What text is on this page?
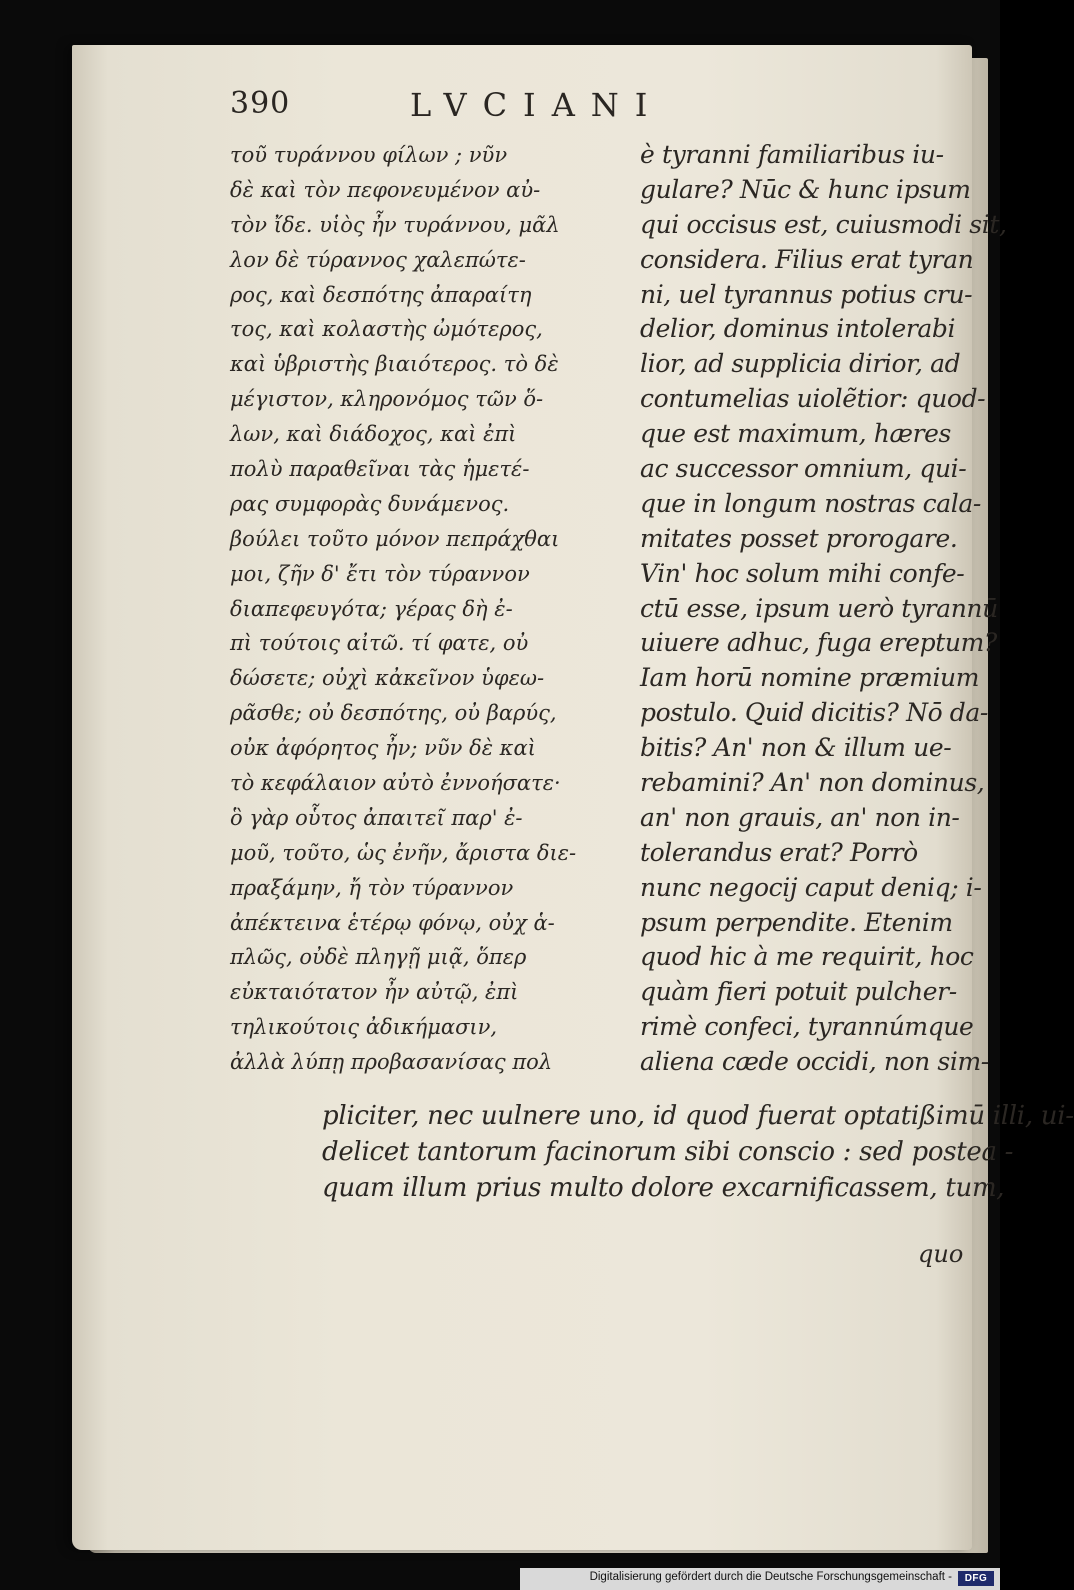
390	LVCIANI
τοῦ τυράννου φίλων ; νῦν
δὲ καὶ τὸν πεφονευμένον αὐ-
τὸν ἴδε. υἱὸς ἦν τυράννου, μᾶλ
λον δὲ τύραννος χαλεπώτε-
ρος, καὶ δεσπότης ἀπαραίτη
τος, καὶ κολαστὴς ὠμότερος,
καὶ ὑβριστὴς βιαιότερος. τὸ δὲ
μέγιστον, κληρονόμος τῶν ὅ-
λων, καὶ διάδοχος, καὶ ἐπὶ
πολὺ παραθεῖναι τὰς ἡμετέ-
ρας συμφορὰς δυνάμενος.
βούλει τοῦτο μόνον πεπράχθαι
μοι, ζῆν δ' ἔτι τὸν τύραννον
διαπεφευγότα; γέρας δὴ ἐ-
πὶ τούτοις αἰτῶ. τί φατε, οὐ
δώσετε; οὐχὶ κἀκεῖνον ὑφεω-
ρᾶσθε; οὐ δεσπότης, οὐ βαρύς,
οὐκ ἀφόρητος ἦν; νῦν δὲ καὶ
τὸ κεφάλαιον αὐτὸ ἐννοήσατε·
ὃ γὰρ οὗτος ἀπαιτεῖ παρ' ἐ-
μοῦ, τοῦτο, ὡς ἐνῆν, ἄριστα διε-
πραξάμην, ἤ τὸν τύραννον
ἀπέκτεινα ἑτέρῳ φόνῳ, οὐχ ἁ-
πλῶς, οὐδὲ πληγῇ μιᾷ, ὅπερ
εὐκταιότατον ἦν αὐτῷ, ἐπὶ
τηλικούτοις ἀδικήμασιν,
ἀλλὰ λύπῃ προβασανίσας πολ
è tyranni familiaribus iu-
gulare? Nūc & hunc ipsum
qui occisus est, cuiusmodi sit,
considera. Filius erat tyran
ni, uel tyrannus potius cru-
delior, dominus intolerabi
lior, ad supplicia dirior, ad
contumelias uiolẽtior: quod-
que est maximum, hæres
ac successor omnium, qui-
que in longum nostras cala-
mitates posset prorogare.
Vin' hoc solum mihi confe-
ctū esse, ipsum uerò tyrannū
uiuere adhuc, fuga ereptum?
Iam horū nomine præmium
postulo. Quid dicitis? Nō da-
bitis? An' non & illum ue-
rebamini? An' non dominus,
an' non grauis, an' non in-
tolerandus erat? Porrò
nunc negocij caput deniq; i-
psum perpendite. Etenim
quod hic à me requirit, hoc
quàm fieri potuit pulcher-
rimè confeci, tyrannúmque
aliena cæde occidi, non sim-
pliciter, nec uulnere uno, id quod fuerat optatißimū illi, ui-
delicet tantorum facinorum sibi conscio : sed postea -
quam illum prius multo dolore excarnificassem, tum,
quo
Digitalisierung gefördert durch die Deutsche Forschungsgemeinschaft -	DFG
